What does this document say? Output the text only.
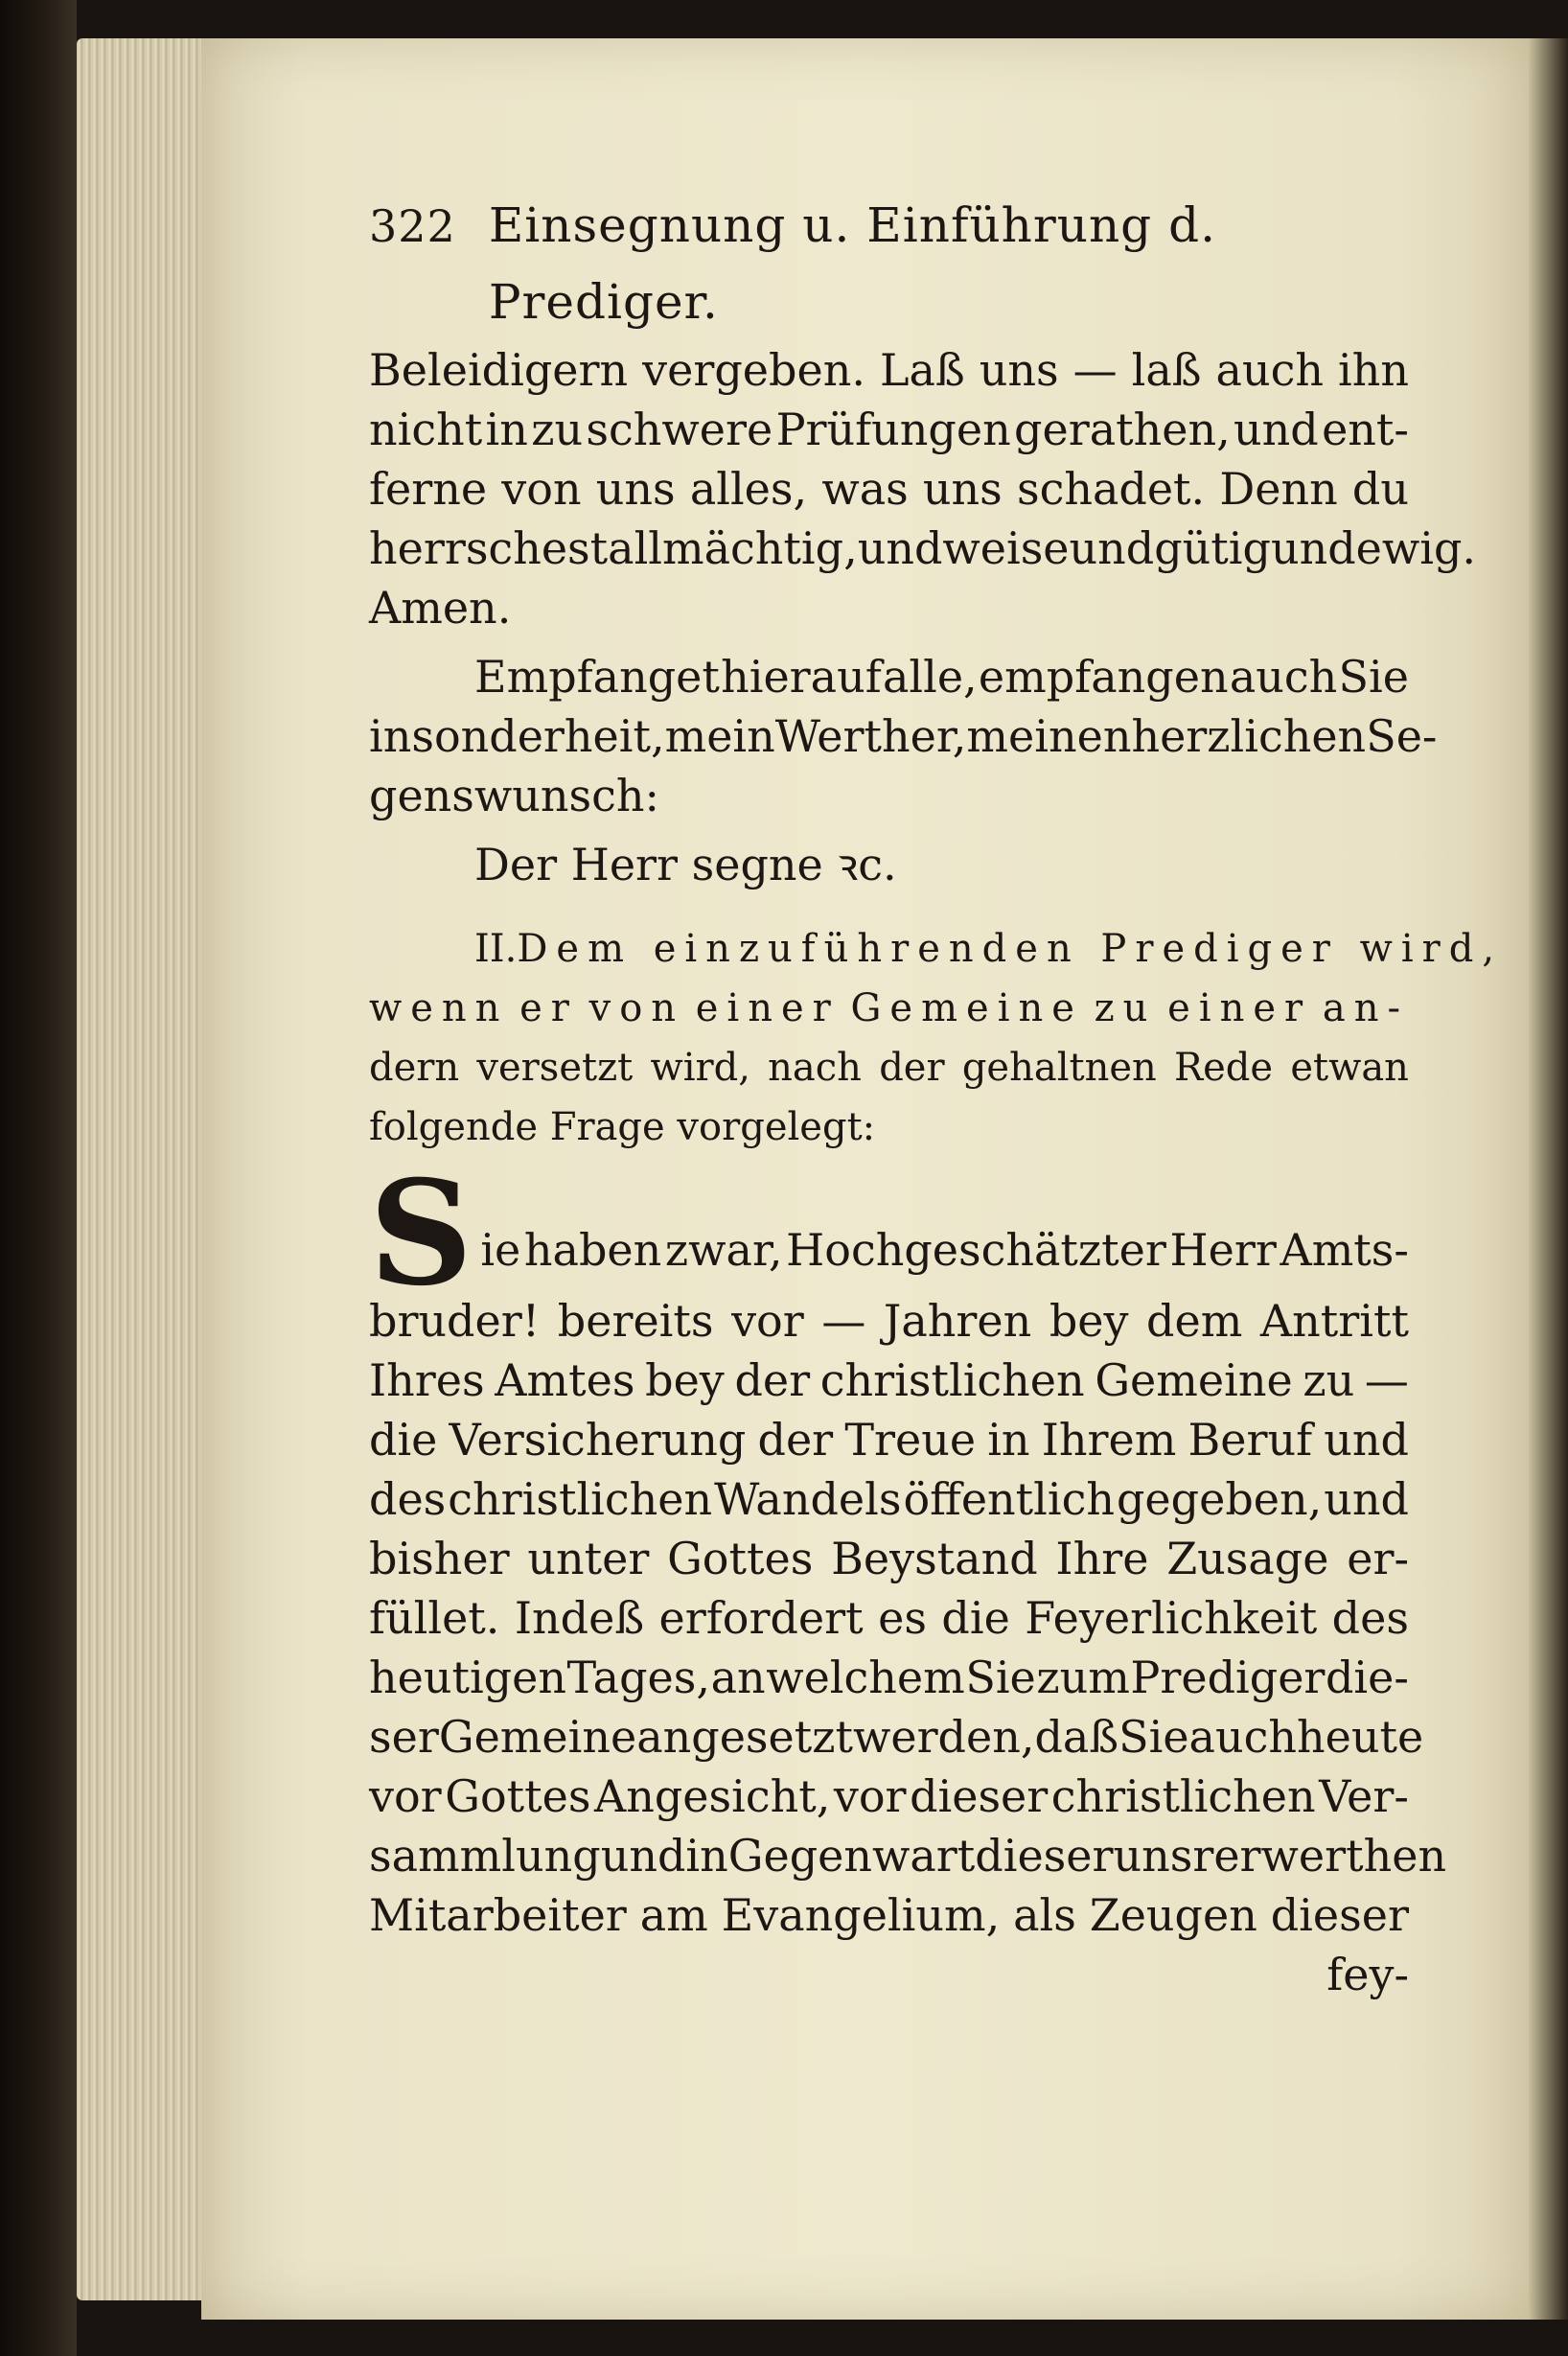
322 Einsegnung u. Einführung d. Prediger.
Beleidigern vergeben. Laß uns — laß auch ihn
nicht in zu schwere Prüfungen gerathen, und ent-
ferne von uns alles, was uns schadet. Denn du
herrschest allmächtig, und weise und gütig und ewig.
Amen.
Empfanget hierauf alle, empfangen auch Sie
insonderheit, mein Werther, meinen herzlichen Se-
genswunsch:
Der Herr segne ꝛc.
II. Dem einzuführenden Prediger wird,
wenn er von einer Gemeine zu einer an-
dern versetzt wird, nach der gehaltnen Rede etwan
folgende Frage vorgelegt:
S ie haben zwar, Hochgeschätzter Herr Amts-
bruder! bereits vor — Jahren bey dem Antritt
Ihres Amtes bey der christlichen Gemeine zu —
die Versicherung der Treue in Ihrem Beruf und
des christlichen Wandels öffentlich gegeben, und
bisher unter Gottes Beystand Ihre Zusage er-
füllet. Indeß erfordert es die Feyerlichkeit des
heutigen Tages, an welchem Sie zum Prediger die-
ser Gemeine angesetzt werden, daß Sie auch heute
vor Gottes Angesicht, vor dieser christlichen Ver-
sammlung und in Gegenwart dieser unsrer werthen
Mitarbeiter am Evangelium, als Zeugen dieser
fey-
